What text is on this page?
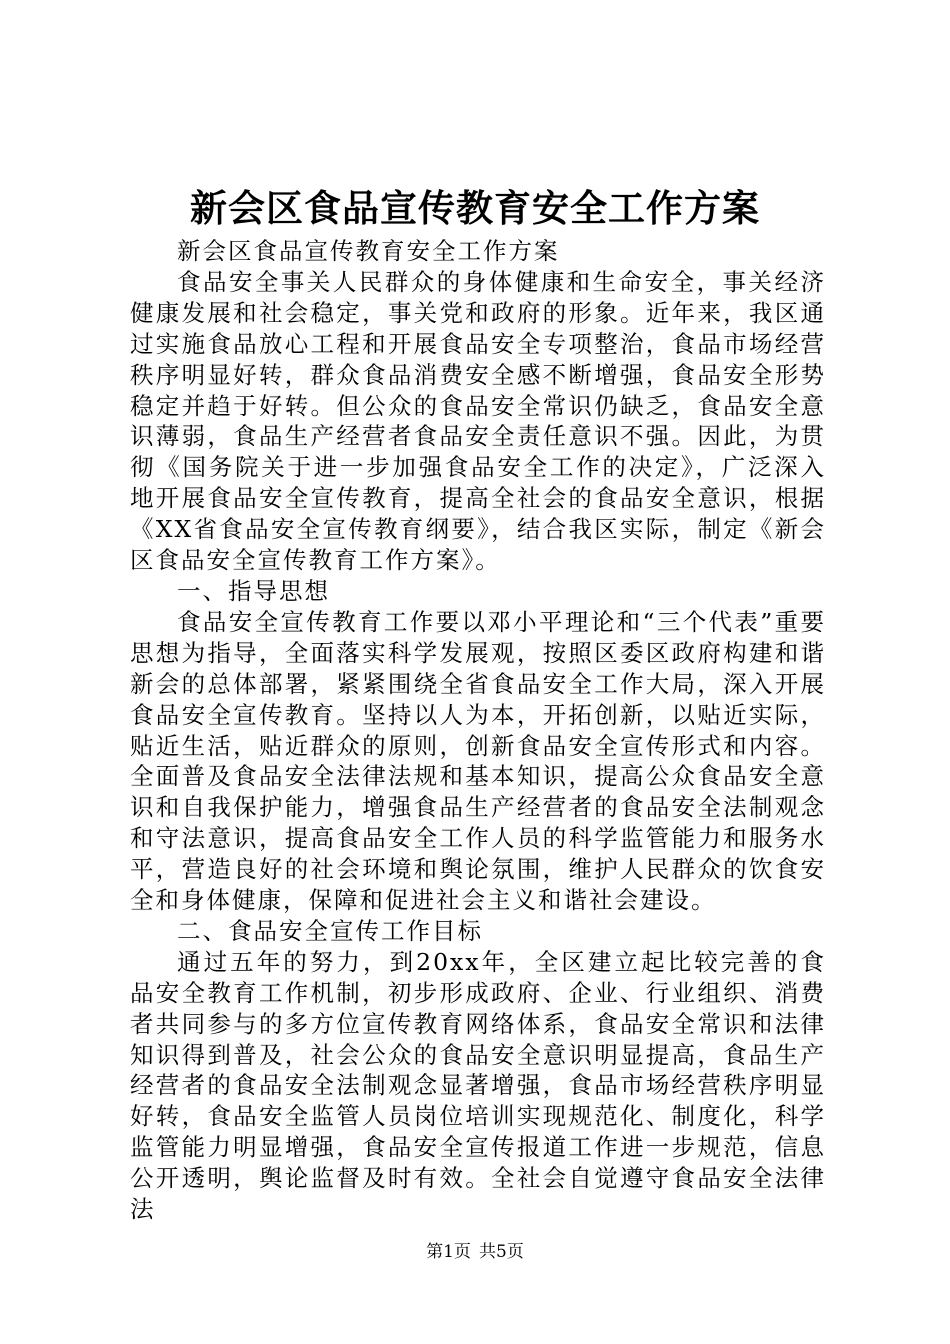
新会区食品宣传教育安全工作方案

新会区食品宣传教育安全工作方案

食品安全事关人民群众的身体健康和生命安全，事关经济健康发展和社会稳定，事关党和政府的形象。近年来，我区通过实施食品放心工程和开展食品安全专项整治，食品市场经营秩序明显好转，群众食品消费安全感不断增强，食品安全形势稳定并趋于好转。但公众的食品安全常识仍缺乏，食品安全意识薄弱，食品生产经营者食品安全责任意识不强。因此，为贯彻《国务院关于进一步加强食品安全工作的决定》，广泛深入地开展食品安全宣传教育，提高全社会的食品安全意识，根据《XX省食品安全宣传教育纲要》，结合我区实际，制定《新会区食品安全宣传教育工作方案》。

一、指导思想

食品安全宣传教育工作要以邓小平理论和“三个代表”重要思想为指导，全面落实科学发展观，按照区委区政府构建和谐新会的总体部署，紧紧围绕全省食品安全工作大局，深入开展食品安全宣传教育。坚持以人为本，开拓创新，以贴近实际，贴近生活，贴近群众的原则，创新食品安全宣传形式和内容。全面普及食品安全法律法规和基本知识，提高公众食品安全意识和自我保护能力，增强食品生产经营者的食品安全法制观念和守法意识，提高食品安全工作人员的科学监管能力和服务水平，营造良好的社会环境和舆论氛围，维护人民群众的饮食安全和身体健康，保障和促进社会主义和谐社会建设。

二、食品安全宣传工作目标

通过五年的努力，到20xx年，全区建立起比较完善的食品安全教育工作机制，初步形成政府、企业、行业组织、消费者共同参与的多方位宣传教育网络体系，食品安全常识和法律知识得到普及，社会公众的食品安全意识明显提高，食品生产经营者的食品安全法制观念显著增强，食品市场经营秩序明显好转，食品安全监管人员岗位培训实现规范化、制度化，科学监管能力明显增强，食品安全宣传报道工作进一步规范，信息公开透明，舆论监督及时有效。全社会自觉遵守食品安全法律法

第1页 共5页
